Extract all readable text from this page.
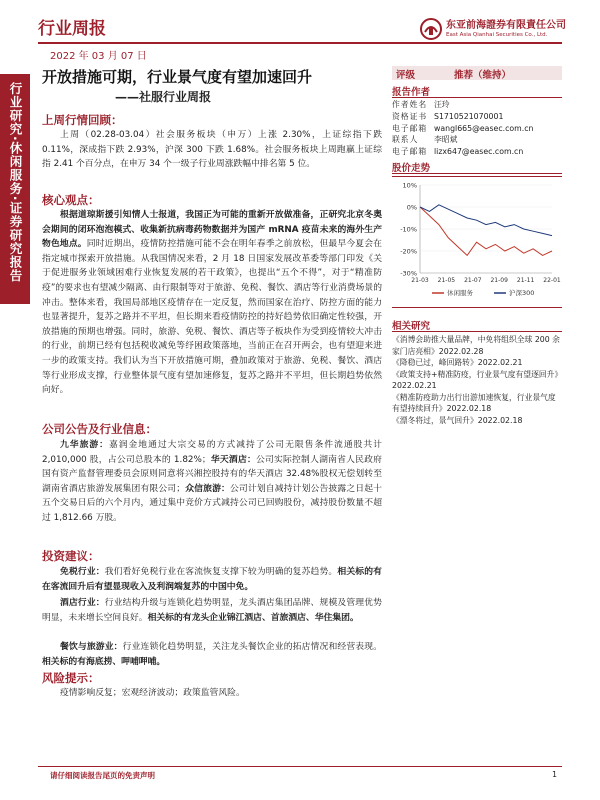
行业周报
2022 年 03 月 07 日
东亚前海證券有限責任公司
East Asia Qianhai Securities Co., Ltd.
行业研究·休闲服务·证券研究报告
开放措施可期，行业景气度有望加速回升
——社服行业周报
上周行情回顾：
上周（02.28-03.04）社会服务板块（申万）上涨 2.30%，上证综指下跌 0.11%，深成指下跌 2.93%，沪深 300 下跌 1.68%。社会服务板块上周跑赢上证综指 2.41 个百分点，在申万 34 个一级子行业周涨跌幅中排名第 5 位。
核心观点：
根据道琼斯援引知情人士报道，我国正为可能的重新开放做准备，正研究北京冬奥会期间的闭环泡泡模式、收集新抗病毒药物数据并为国产 mRNA 疫苗未来的海外生产物色地点。同时近期出，疫情防控措施可能不会在明年春季之前放松，但最早今夏会在指定城市探索开放措施。从我国情况来看，2 月 18 日国家发展改革委等部门印发《关于促进服务业领域困难行业恢复发展的若干政策》，也提出“五个不得”，对于“精准防疫”的要求也有望减少隔离、由行限制等对于旅游、免税、餐饮、酒店等行业消费场景的冲击。整体来看，我国局部地区疫情存在一定反复，然而国家在治疗、防控方面的能力也显著提升，复苏之路并不平坦，但长期来看疫情防控的持好趋势依旧确定性较强，开放措施的预期也增强。同时，旅游、免税、餐饮、酒店等子板块作为受到疫情较大冲击的行业，前期已经有包括税收减免等纾困政策落地，当前正在召开两会，也有望迎来进一步的政策支持。我们认为当下开放措施可期，叠加政策对于旅游、免税、餐饮、酒店等行业形成支撑，行业整体景气度有望加速修复，复苏之路并不平坦，但长期趋势依然向好。
公司公告及行业信息：
九华旅游：嘉润金地通过大宗交易的方式减持了公司无限售条件流通股共计 2,010,000 股，占公司总股本的 1.82%；华天酒店：公司实际控制人湖南省人民政府国有资产监督管理委员会原则同意将兴湘控股持有的华天酒店 32.48%股权无偿划转至湖南省酒店旅游发展集团有限公司；众信旅游：公司计划自减持计划公告披露之日起十五个交易日后的六个月内，通过集中竞价方式减持公司已回购股份，减持股份数量不超过 1,812.66 万股。
投资建议：
免税行业：我们看好免税行业在客流恢复支撑下较为明确的复苏趋势。相关标的有在客流回升后有望显现收入及利润端复苏的中国中免。
酒店行业：行业结构升级与连锁化趋势明显，龙头酒店集团品牌、规模及管理优势明显，未来增长空间良好。相关标的有龙头企业锦江酒店、首旅酒店、华住集团。
餐饮与旅游业：行业连锁化趋势明显，关注龙头餐饮企业的拓店情况和经营表现。相关标的有海底捞、呷哺呷哺。
风险提示：
疫情影响反复；宏观经济波动；政策监管风险。
评级	推荐（维持）
报告作者
作者姓名 汪玲
资格证书 S1710521070001
电子邮箱 wangl665@easec.com.cn
联系人 李昭斌
电子邮箱 lizx647@easec.com.cn
股价走势
10%
0%
-10%
-20%
-30%
21-03 21-05 21-07 21-09 21-11 22-01
休闲服务	沪深300
相关研究
《消博会助推大量品牌，中免将组织全球 200 余家门店亮相》2022.02.28
《降稳已过，峰回路转》2022.02.21
《政策支持+精准防疫，行业景气度有望逐回升》2022.02.21
《精准防疫助力出行出游加速恢复，行业景气度有望持续回升》2022.02.18
《漂冬将过，景气回升》2022.02.18
请仔细阅读报告尾页的免责声明	1
